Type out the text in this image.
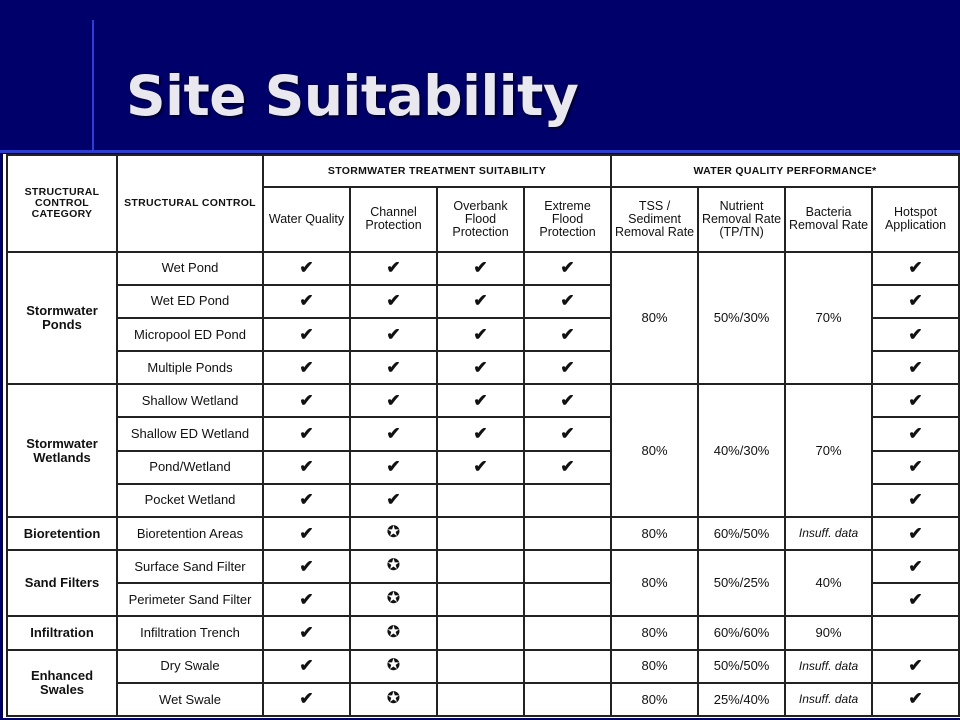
Site Suitability
STRUCTURAL CONTROL CATEGORY	STRUCTURAL CONTROL	STORMWATER TREATMENT SUITABILITY				WATER QUALITY PERFORMANCE*				
		Water Quality	Channel Protection	Overbank Flood Protection	Extreme Flood Protection	TSS / Sediment Removal Rate	Nutrient Removal Rate (TP/TN)	Bacteria Removal Rate	Hotspot Application	
Stormwater Ponds	Wet Pond	✔	✔	✔	✔	80%	50%/30%	70%	✔	
	Wet ED Pond	✔	✔	✔	✔				✔	
	Micropool ED Pond	✔	✔	✔	✔				✔	
	Multiple Ponds	✔	✔	✔	✔				✔	
Stormwater Wetlands	Shallow Wetland	✔	✔	✔	✔	80%	40%/30%	70%	✔	
	Shallow ED Wetland	✔	✔	✔	✔				✔	
	Pond/Wetland	✔	✔	✔	✔				✔	
	Pocket Wetland	✔	✔						✔	
Bioretention	Bioretention Areas	✔	✪			80%	60%/50%	Insuff. data	✔	
Sand Filters	Surface Sand Filter	✔	✪			80%	50%/25%	40%	✔	
	Perimeter Sand Filter	✔	✪						✔	
Infiltration	Infiltration Trench	✔	✪			80%	60%/60%	90%		
Enhanced Swales	Dry Swale	✔	✪			80%	50%/50%	Insuff. data	✔	
	Wet Swale	✔	✪			80%	25%/40%	Insuff. data	✔	
